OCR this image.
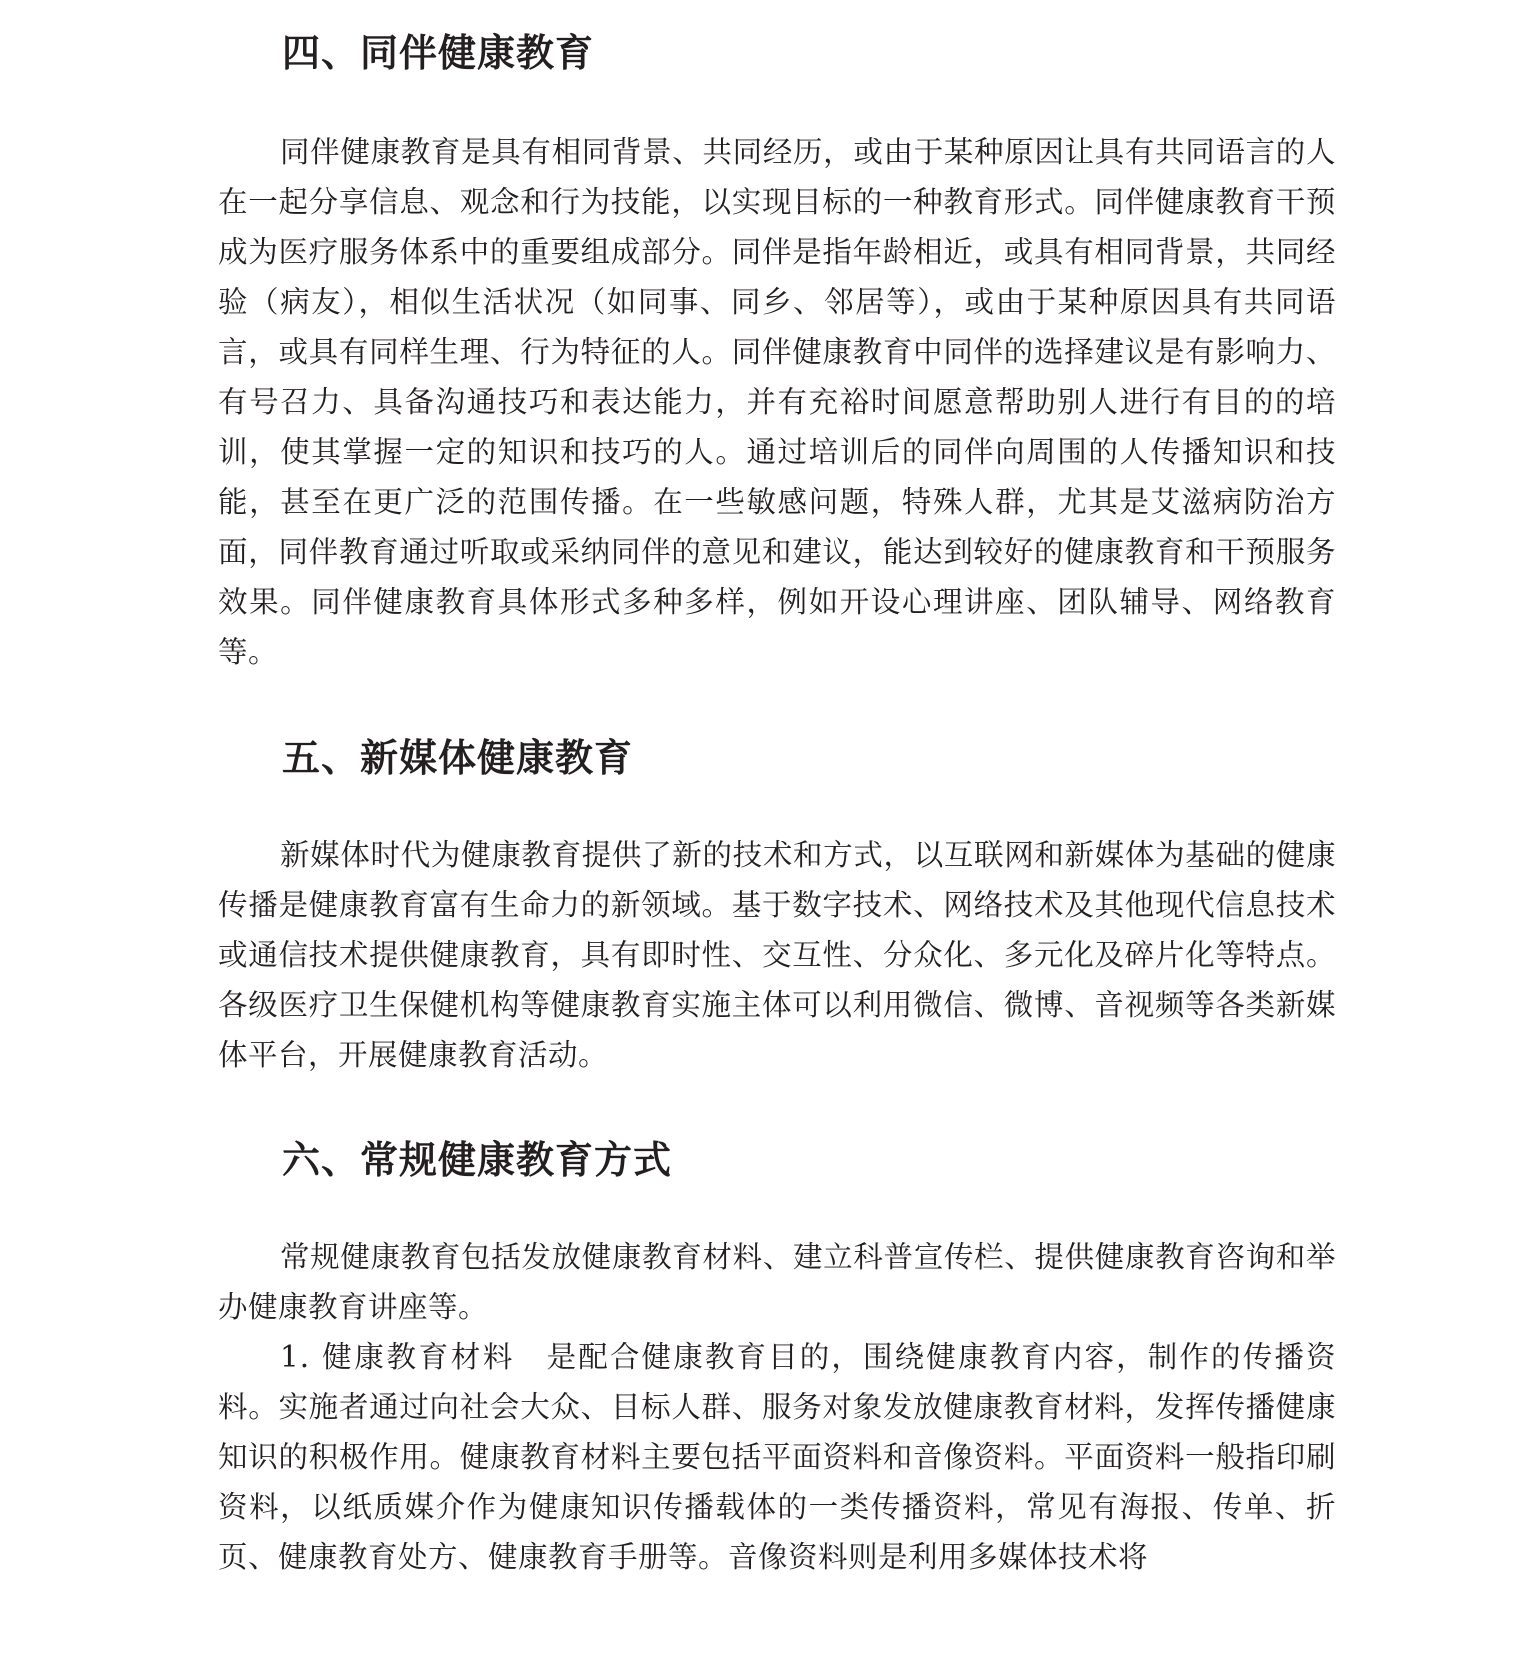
四、同伴健康教育

同伴健康教育是具有相同背景、共同经历，或由于某种原因让具有共同语言的人在一起分享信息、观念和行为技能，以实现目标的一种教育形式。同伴健康教育干预成为医疗服务体系中的重要组成部分。同伴是指年龄相近，或具有相同背景，共同经验（病友），相似生活状况（如同事、同乡、邻居等），或由于某种原因具有共同语言，或具有同样生理、行为特征的人。同伴健康教育中同伴的选择建议是有影响力、有号召力、具备沟通技巧和表达能力，并有充裕时间愿意帮助别人进行有目的的培训，使其掌握一定的知识和技巧的人。通过培训后的同伴向周围的人传播知识和技能，甚至在更广泛的范围传播。在一些敏感问题，特殊人群，尤其是艾滋病防治方面，同伴教育通过听取或采纳同伴的意见和建议，能达到较好的健康教育和干预服务效果。同伴健康教育具体形式多种多样，例如开设心理讲座、团队辅导、网络教育等。

五、新媒体健康教育

新媒体时代为健康教育提供了新的技术和方式，以互联网和新媒体为基础的健康传播是健康教育富有生命力的新领域。基于数字技术、网络技术及其他现代信息技术或通信技术提供健康教育，具有即时性、交互性、分众化、多元化及碎片化等特点。各级医疗卫生保健机构等健康教育实施主体可以利用微信、微博、音视频等各类新媒体平台，开展健康教育活动。

六、常规健康教育方式

常规健康教育包括发放健康教育材料、建立科普宣传栏、提供健康教育咨询和举办健康教育讲座等。

1. 健康教育材料 是配合健康教育目的，围绕健康教育内容，制作的传播资料。实施者通过向社会大众、目标人群、服务对象发放健康教育材料，发挥传播健康知识的积极作用。健康教育材料主要包括平面资料和音像资料。平面资料一般指印刷资料，以纸质媒介作为健康知识传播载体的一类传播资料，常见有海报、传单、折页、健康教育处方、健康教育手册等。音像资料则是利用多媒体技术将
